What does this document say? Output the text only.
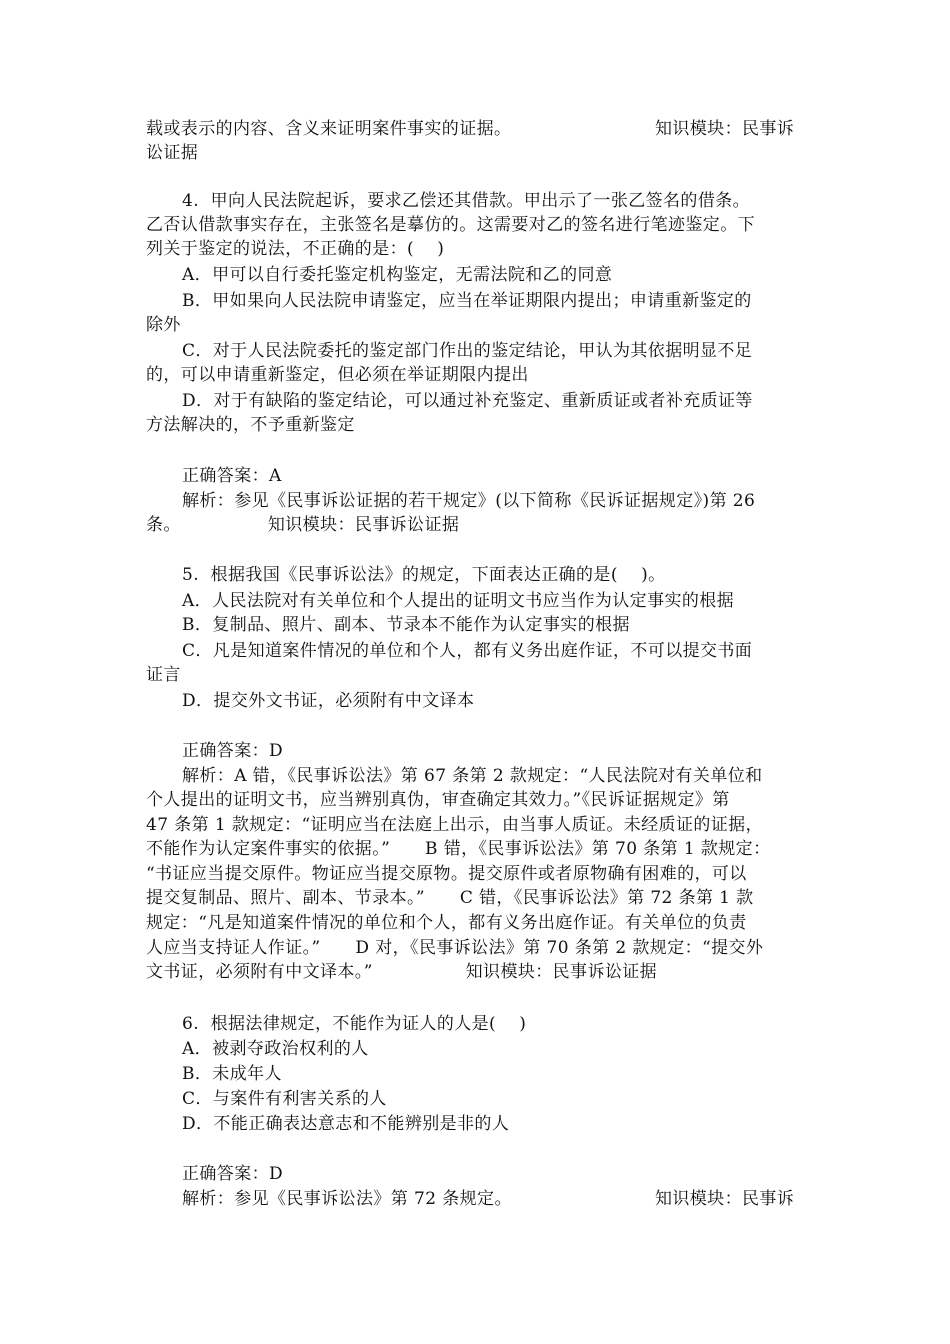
载或表示的内容、含义来证明案件事实的证据。	知识模块：民事诉
讼证据
4.  甲向人民法院起诉，要求乙偿还其借款。甲出示了一张乙签名的借条。
乙否认借款事实存在，主张签名是摹仿的。这需要对乙的签名进行笔迹鉴定。下
列关于鉴定的说法，不正确的是：(    )
A．甲可以自行委托鉴定机构鉴定，无需法院和乙的同意
B．甲如果向人民法院申请鉴定，应当在举证期限内提出；申请重新鉴定的
除外
C．对于人民法院委托的鉴定部门作出的鉴定结论，甲认为其依据明显不足
的，可以申请重新鉴定，但必须在举证期限内提出
D．对于有缺陷的鉴定结论，可以通过补充鉴定、重新质证或者补充质证等
方法解决的，不予重新鉴定
正确答案：A
解析：参见《民事诉讼证据的若干规定》(以下简称《民诉证据规定》)第 26
条。               知识模块：民事诉讼证据
5.  根据我国《民事诉讼法》的规定，下面表达正确的是(    )。
A．人民法院对有关单位和个人提出的证明文书应当作为认定事实的根据
B．复制品、照片、副本、节录本不能作为认定事实的根据
C．凡是知道案件情况的单位和个人，都有义务出庭作证，不可以提交书面
证言
D．提交外文书证，必须附有中文译本
正确答案：D
解析：A 错，《民事诉讼法》第 67 条第 2 款规定：“人民法院对有关单位和
个人提出的证明文书，应当辨别真伪，审查确定其效力。”《民诉证据规定》第
47 条第 1 款规定：“证明应当在法庭上出示，由当事人质证。未经质证的证据，
不能作为认定案件事实的依据。”      B 错，《民事诉讼法》第 70 条第 1 款规定：
“书证应当提交原件。物证应当提交原物。提交原件或者原物确有困难的，可以
提交复制品、照片、副本、节录本。”      C 错，《民事诉讼法》第 72 条第 1 款
规定：“凡是知道案件情况的单位和个人，都有义务出庭作证。有关单位的负责
人应当支持证人作证。”      D 对，《民事诉讼法》第 70 条第 2 款规定：“提交外
文书证，必须附有中文译本。”                知识模块：民事诉讼证据
6.  根据法律规定，不能作为证人的人是(    )
A．被剥夺政治权利的人
B．未成年人
C．与案件有利害关系的人
D．不能正确表达意志和不能辨别是非的人
正确答案：D
解析：参见《民事诉讼法》第 72 条规定。	知识模块：民事诉
